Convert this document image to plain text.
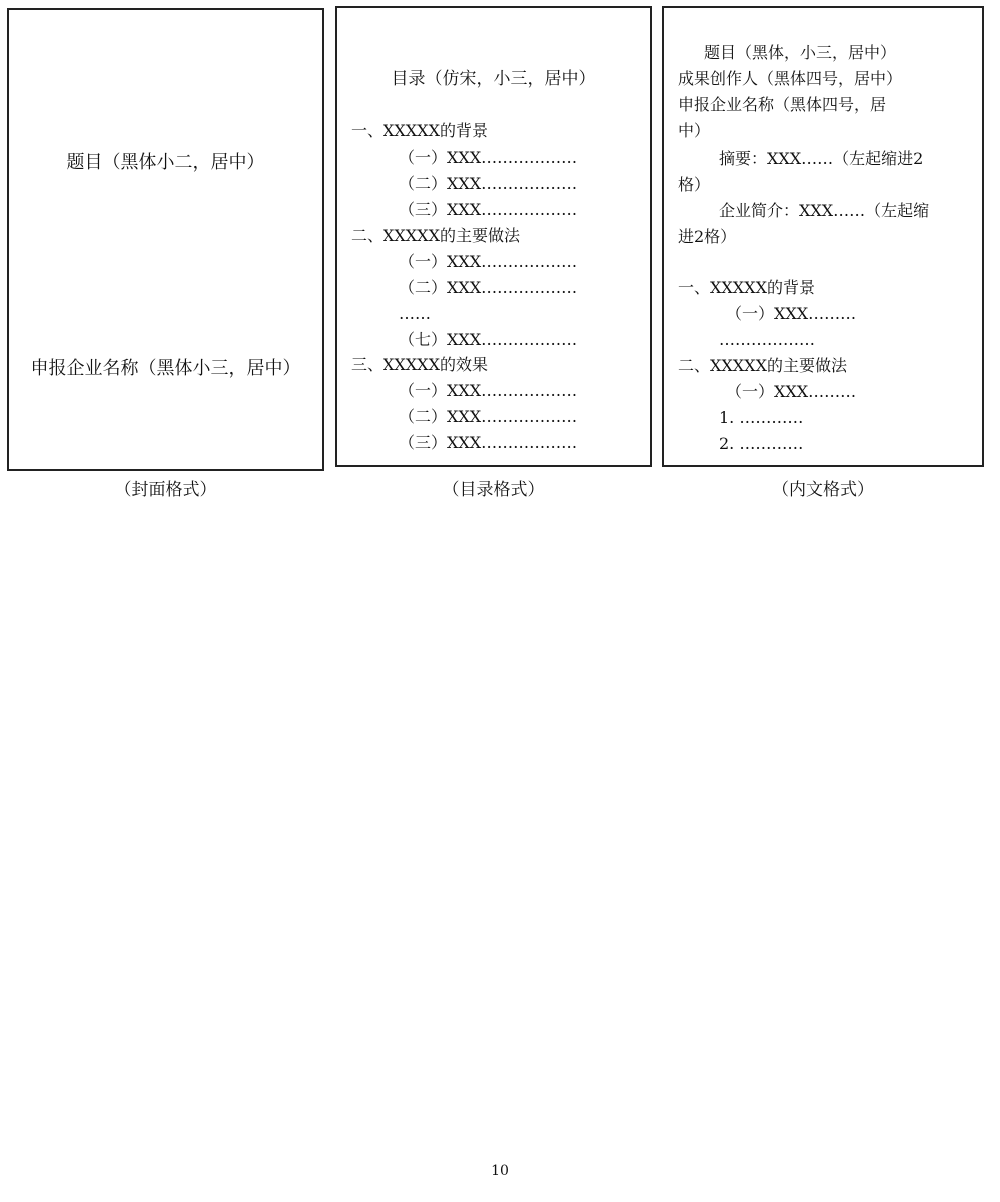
题目（黑体小二，居中）
申报企业名称（黑体小三，居中）
目录（仿宋，小三，居中）
一、XXXXX的背景
（一）XXX………………
（二）XXX………………
（三）XXX………………
二、XXXXX的主要做法
（一）XXX………………
（二）XXX………………
……
（七）XXX………………
三、XXXXX的效果
（一）XXX………………
（二）XXX………………
（三）XXX………………
题目（黑体，小三，居中）
成果创作人（黑体四号，居中）
申报企业名称（黑体四号，居
中）
摘要：XXX……（左起缩进2
格）
企业简介：XXX……（左起缩
进2格）
一、XXXXX的背景
（一）XXX………
………………
二、XXXXX的主要做法
（一）XXX………
1. …………
2. …………
（封面格式）	（目录格式）	（内文格式）
10
